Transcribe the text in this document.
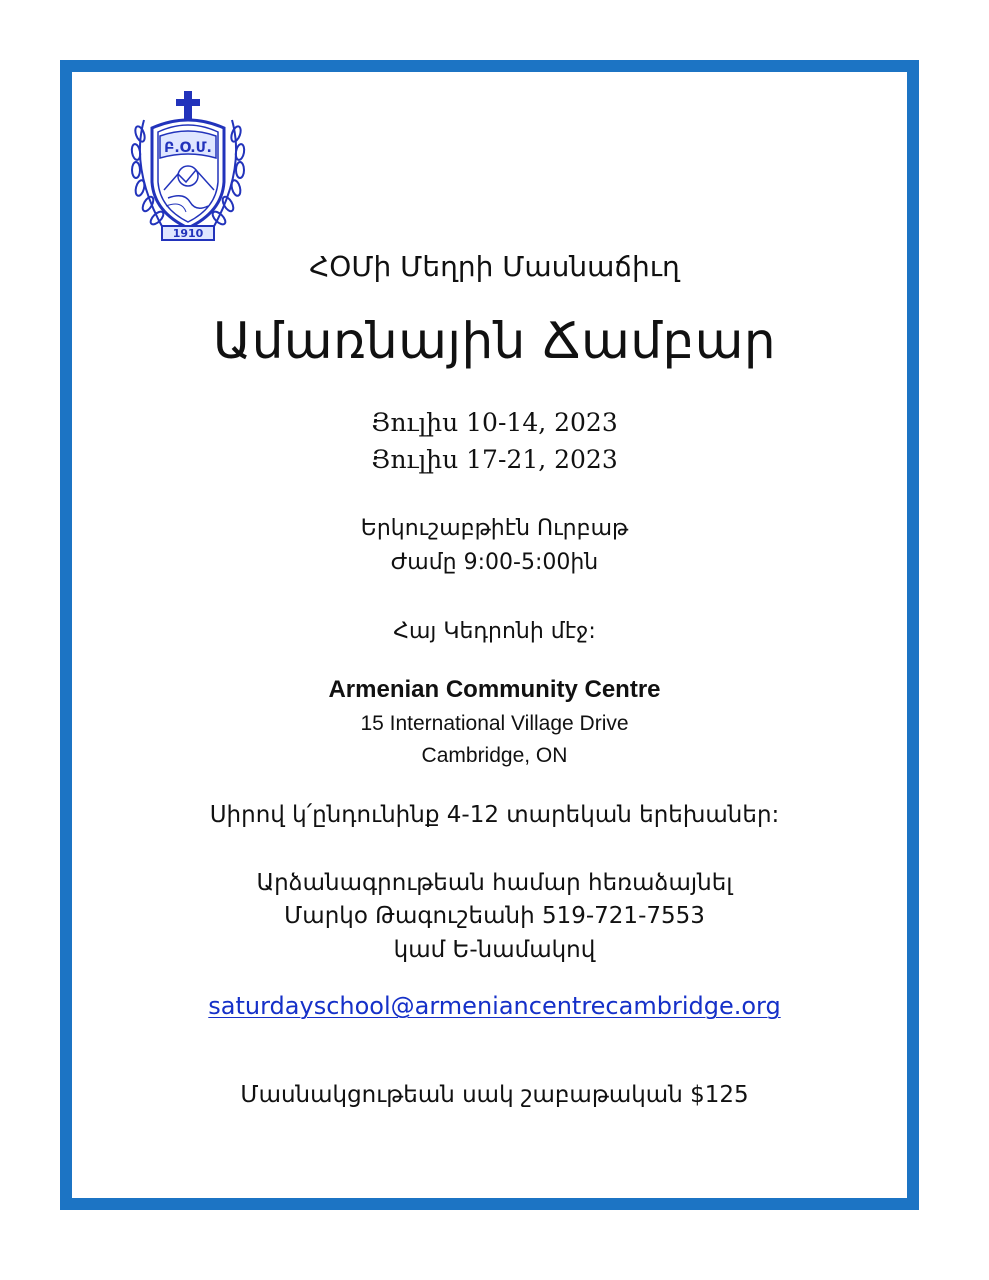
Բ.Օ.Մ.
1910
ՀՕՄի Մեղրի Մասնաճիւղ
Ամառնային Ճամբար
Յուլիս 10-14, 2023
Յուլիս 17-21, 2023
Երկուշաբթիէն Ուրբաթ
Ժամը 9:00-5:00ին
Հայ Կեդրոնի մէջ:
Armenian Community Centre
15 International Village Drive
Cambridge, ON
Սիրով կ՛ընդունինք 4-12 տարեկան երեխաներ:
Արձանագրութեան համար հեռաձայնել
Մարկօ Թագուշեանի 519-721-7553
կամ Ե-նամակով
saturdayschool@armeniancentrecambridge.org
Մասնակցութեան սակ շաբաթական $125
